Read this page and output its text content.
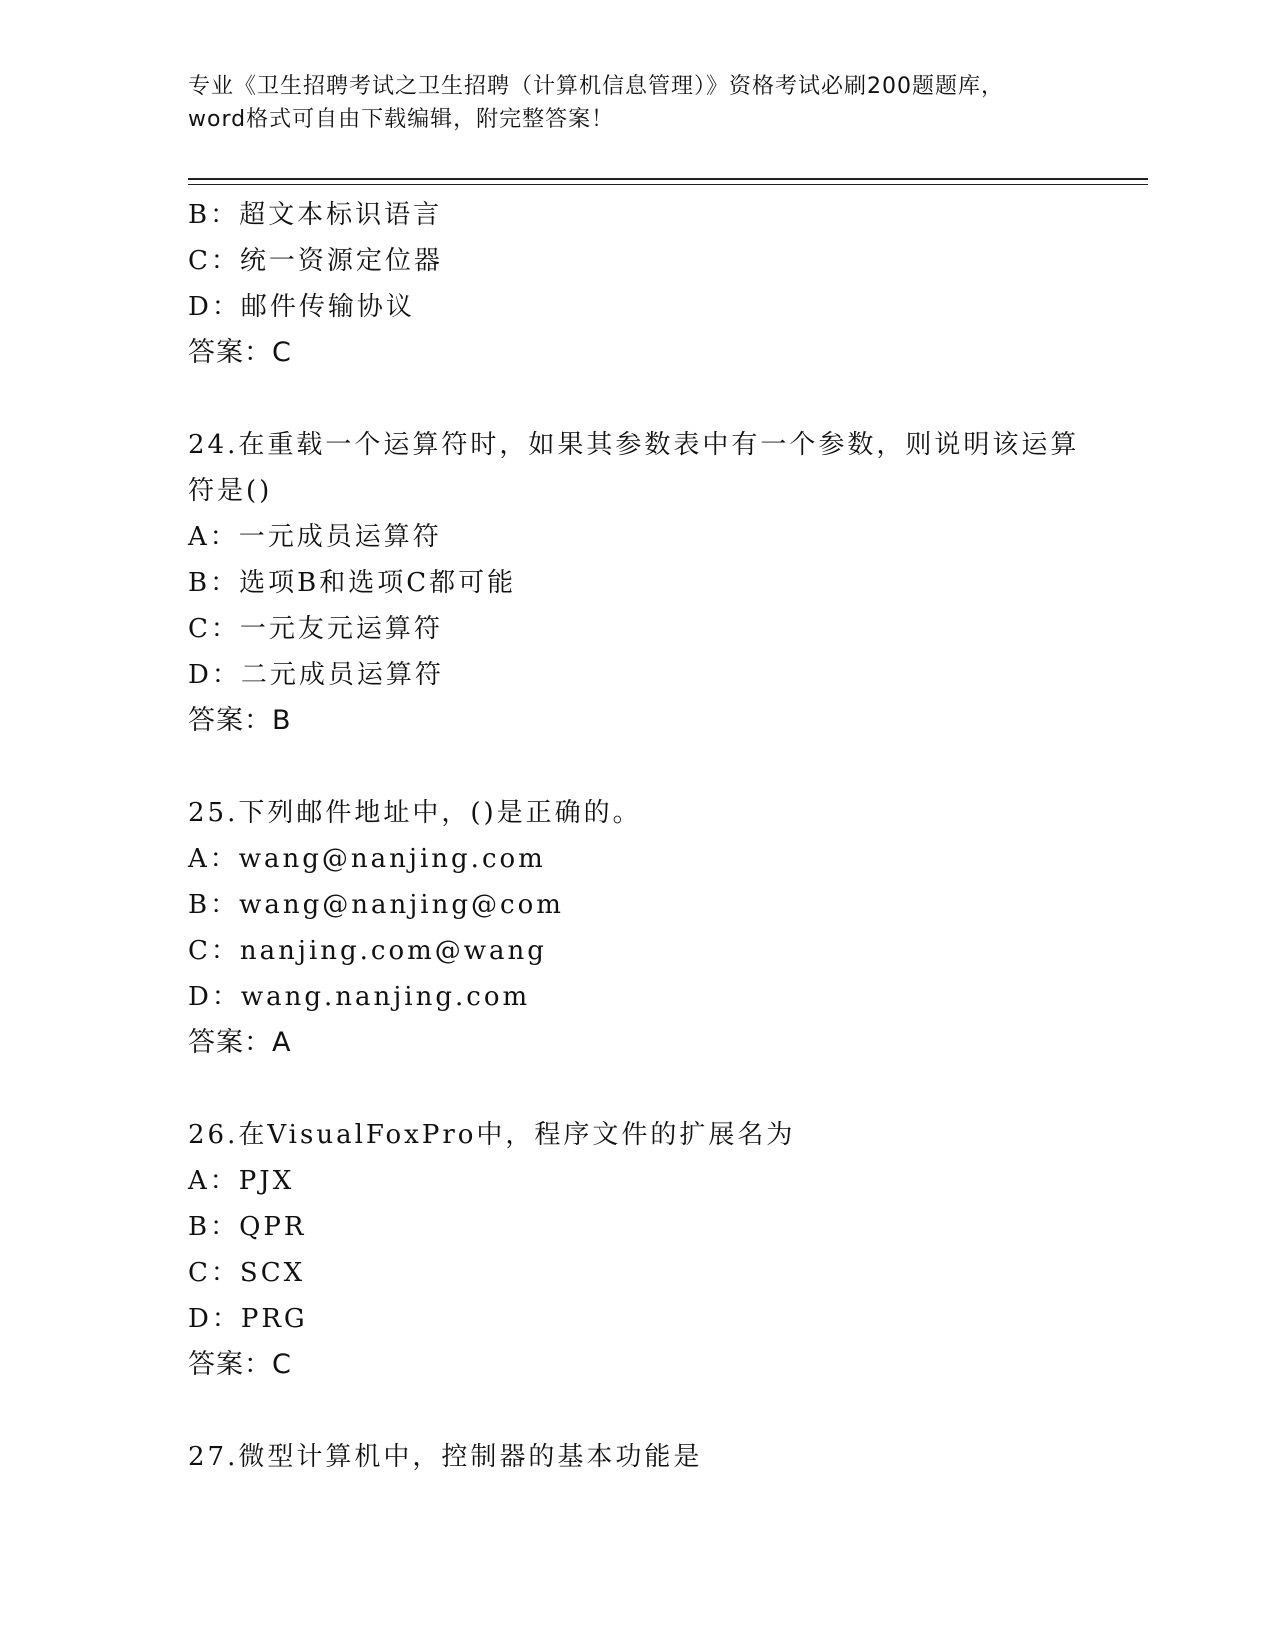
专业《卫生招聘考试之卫生招聘（计算机信息管理）》资格考试必刷200题题库，
word格式可自由下载编辑，附完整答案！
B：超文本标识语言
C：统一资源定位器
D：邮件传输协议
答案：C
24.在重载一个运算符时，如果其参数表中有一个参数，则说明该运算
符是()
A：一元成员运算符
B：选项B和选项C都可能
C：一元友元运算符
D：二元成员运算符
答案：B
25.下列邮件地址中，()是正确的。
A：wang@nanjing.com
B：wang@nanjing@com
C：nanjing.com@wang
D：wang.nanjing.com
答案：A
26.在VisualFoxPro中，程序文件的扩展名为
A：PJX
B：QPR
C：SCX
D：PRG
答案：C
27.微型计算机中，控制器的基本功能是
